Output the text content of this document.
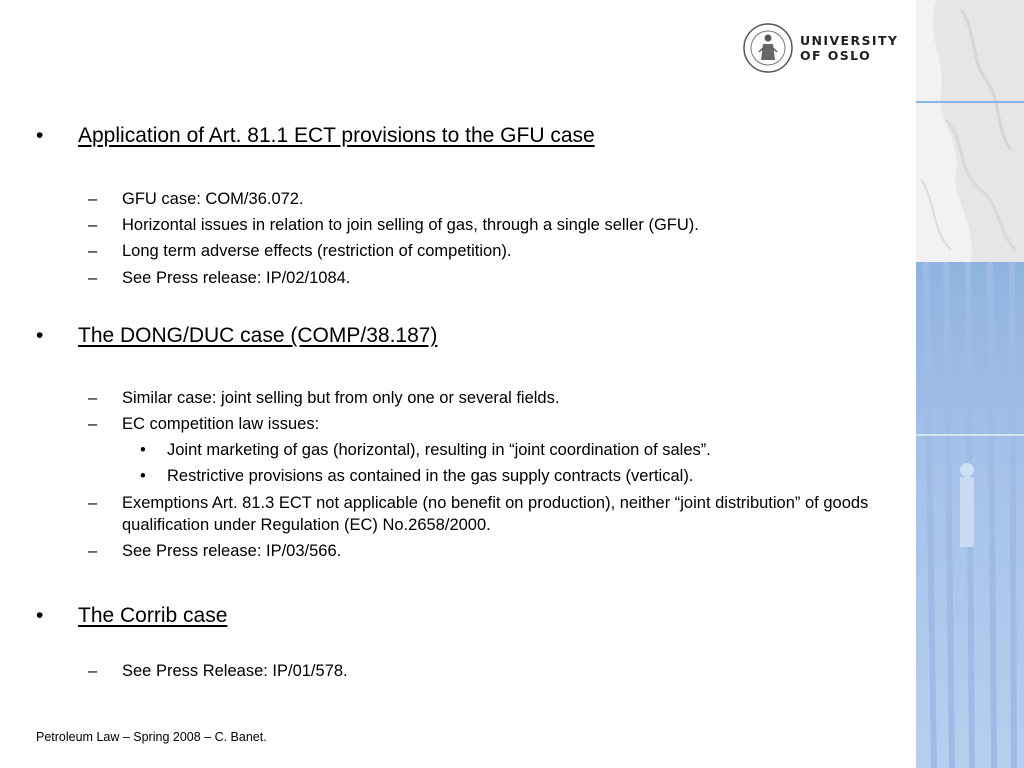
UNIVERSITY
OF OSLO
• Application of Art. 81.1 ECT provisions to the GFU case
– GFU case: COM/36.072.
– Horizontal issues in relation to join selling of gas, through a single seller (GFU).
– Long term adverse effects (restriction of competition).
– See Press release: IP/02/1084.
• The DONG/DUC case (COMP/38.187)
– Similar case: joint selling but from only one or several fields.
– EC competition law issues:
• Joint marketing of gas (horizontal), resulting in “joint coordination of sales”.
• Restrictive provisions as contained in the gas supply contracts (vertical).
– Exemptions Art. 81.3 ECT not applicable (no benefit on production), neither “joint distribution” of goods qualification under Regulation (EC) No.2658/2000.
– See Press release: IP/03/566.
• The Corrib case
– See Press Release: IP/01/578.
Petroleum Law – Spring 2008 – C. Banet.
